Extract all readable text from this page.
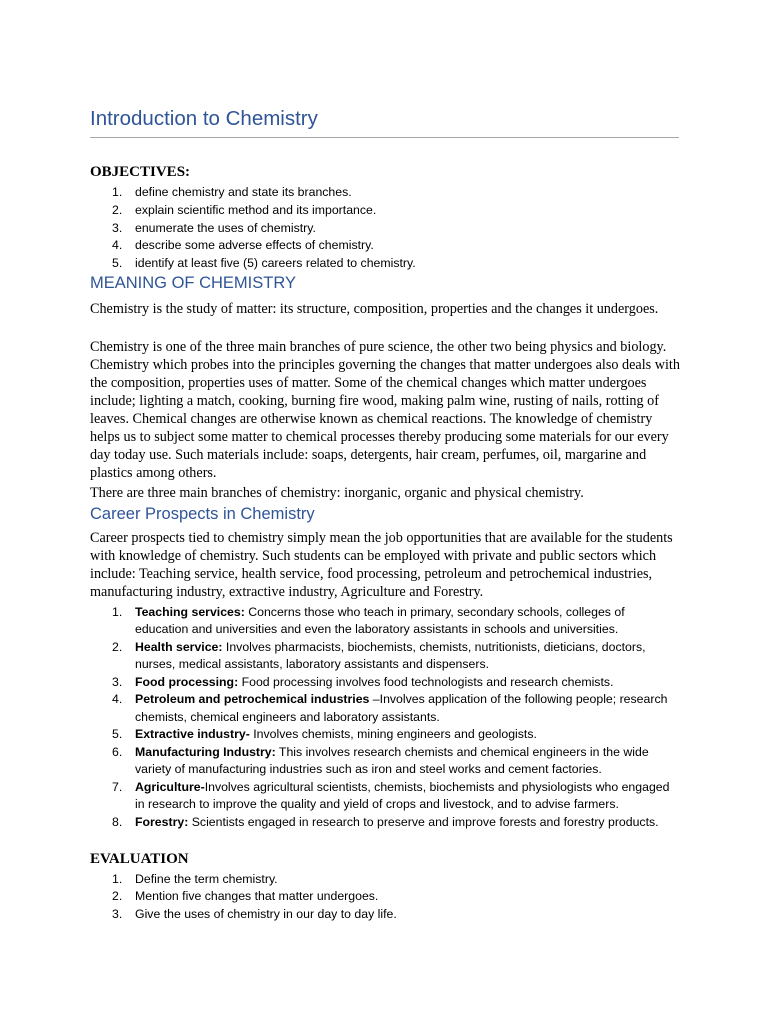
Introduction to Chemistry
OBJECTIVES:
1. define chemistry and state its branches.
2. explain scientific method and its importance.
3. enumerate the uses of chemistry.
4. describe some adverse effects of chemistry.
5. identify at least five (5) careers related to chemistry.
MEANING OF CHEMISTRY

Chemistry is the study of matter: its structure, composition, properties and the changes it undergoes.

Chemistry is one of the three main branches of pure science, the other two being physics and biology. Chemistry which probes into the principles governing the changes that matter undergoes also deals with the composition, properties uses of matter. Some of the chemical changes which matter undergoes include; lighting a match, cooking, burning fire wood, making palm wine, rusting of nails, rotting of leaves. Chemical changes are otherwise known as chemical reactions. The knowledge of chemistry helps us to subject some matter to chemical processes thereby producing some materials for our every day today use. Such materials include: soaps, detergents, hair cream, perfumes, oil, margarine and plastics among others.

There are three main branches of chemistry: inorganic, organic and physical chemistry.

Career Prospects in Chemistry

Career prospects tied to chemistry simply mean the job opportunities that are available for the students with knowledge of chemistry. Such students can be employed with private and public sectors which include: Teaching service, health service, food processing, petroleum and petrochemical industries, manufacturing industry, extractive industry, Agriculture and Forestry.

1. Teaching services: Concerns those who teach in primary, secondary schools, colleges of education and universities and even the laboratory assistants in schools and universities.
2. Health service: Involves pharmacists, biochemists, chemists, nutritionists, dieticians, doctors, nurses, medical assistants, laboratory assistants and dispensers.
3. Food processing: Food processing involves food technologists and research chemists.
4. Petroleum and petrochemical industries –Involves application of the following people; research chemists, chemical engineers and laboratory assistants.
5. Extractive industry- Involves chemists, mining engineers and geologists.
6. Manufacturing Industry: This involves research chemists and chemical engineers in the wide variety of manufacturing industries such as iron and steel works and cement factories.
7. Agriculture-Involves agricultural scientists, chemists, biochemists and physiologists who engaged in research to improve the quality and yield of crops and livestock, and to advise farmers.
8. Forestry: Scientists engaged in research to preserve and improve forests and forestry products.
EVALUATION
1. Define the term chemistry.
2. Mention five changes that matter undergoes.
3. Give the uses of chemistry in our day to day life.
